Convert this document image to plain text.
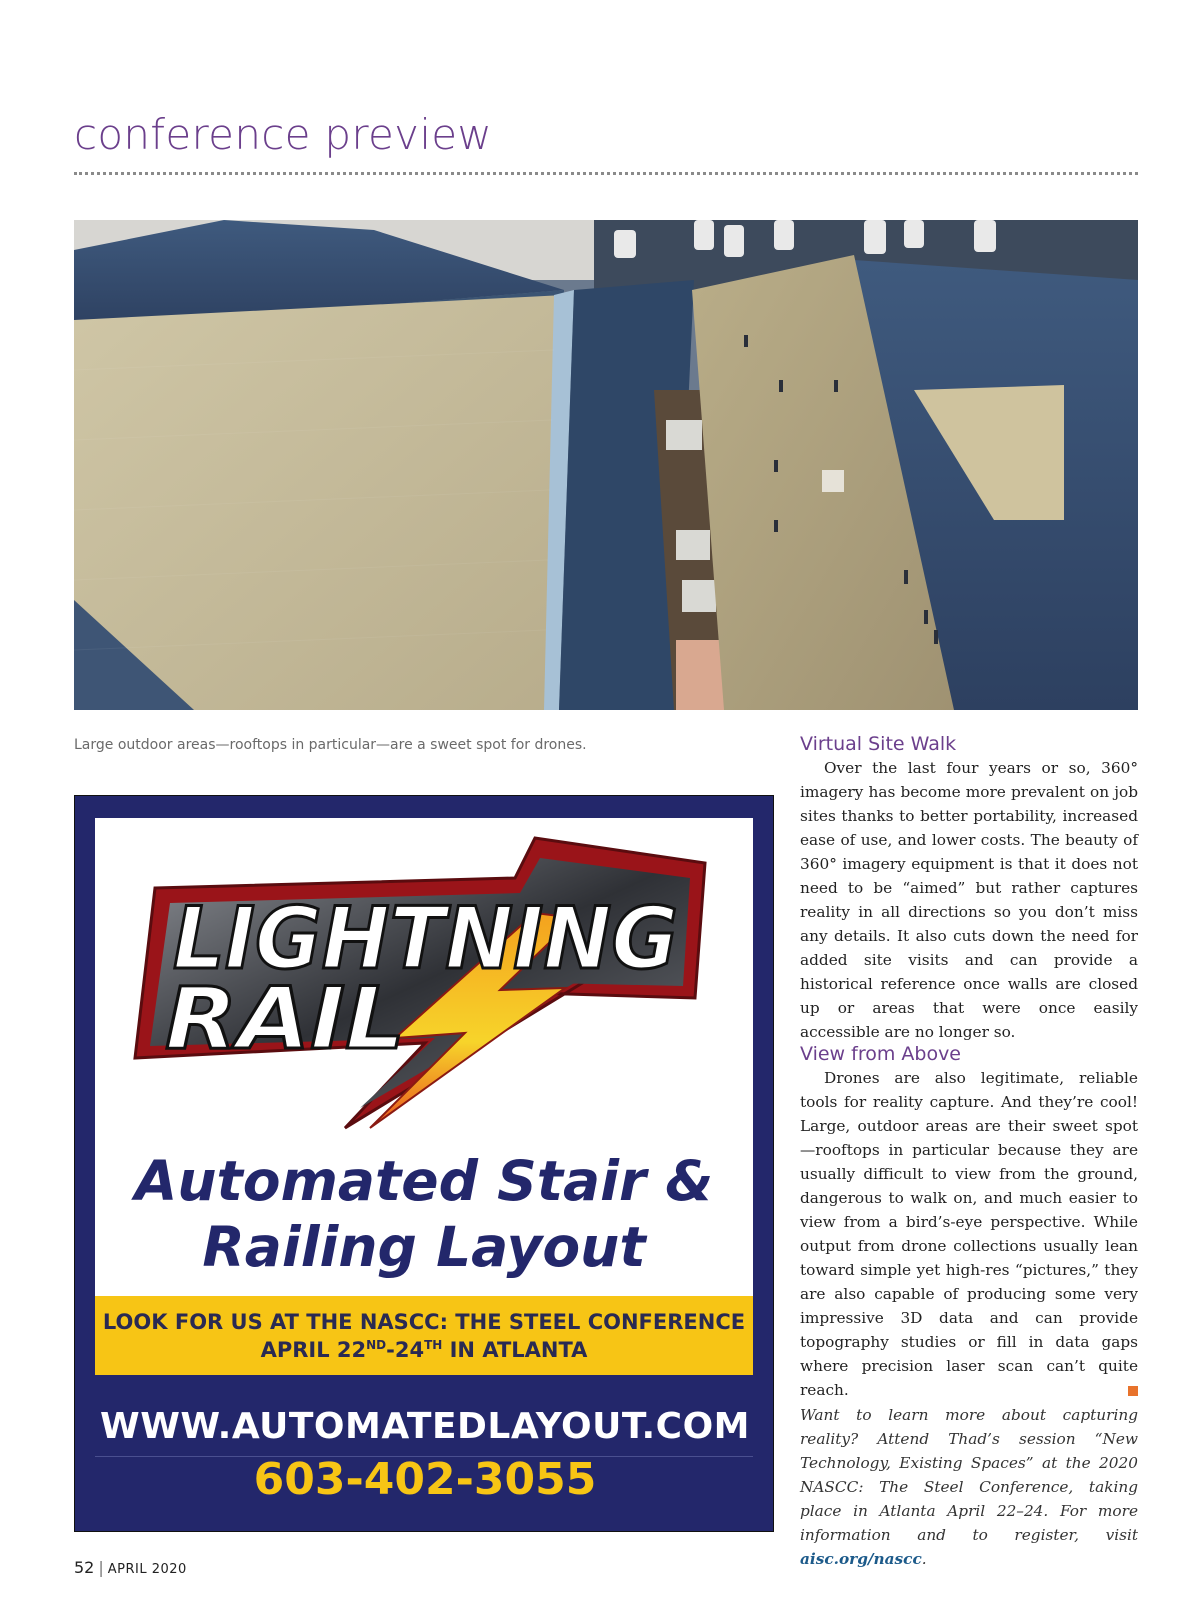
conference preview
Large outdoor areas—rooftops in particular—are a sweet spot for drones.
LIGHTNING
RAIL
Automated Stair &
Railing Layout
LOOK FOR US AT THE NASCC: THE STEEL CONFERENCE
APRIL 22ND-24TH IN ATLANTA
WWW.AUTOMATEDLAYOUT.COM
603-402-3055
Virtual Site Walk

Over the last four years or so, 360° imagery has become more prevalent on job sites thanks to better portability, increased ease of use, and lower costs. The beauty of 360° imagery equipment is that it does not need to be “aimed” but rather captures reality in all directions so you don’t miss any details. It also cuts down the need for added site visits and can provide a historical reference once walls are closed up or areas that were once easily accessible are no longer so.

View from Above

Drones are also legitimate, reliable tools for reality capture. And they’re cool! Large, outdoor areas are their sweet spot—rooftops in particular because they are usually difficult to view from the ground, dangerous to walk on, and much easier to view from a bird’s-eye perspective. While output from drone collections usually lean toward simple yet high-res “pictures,” they are also capable of producing some very impressive 3D data and can provide topography studies or fill in data gaps where precision laser scan can’t quite reach.

Want to learn more about capturing reality? Attend Thad’s session “New Technology, Existing Spaces” at the 2020 NASCC: The Steel Conference, taking place in Atlanta April 22–24. For more information and to register, visit aisc.org/nascc.

52 | APRIL 2020
